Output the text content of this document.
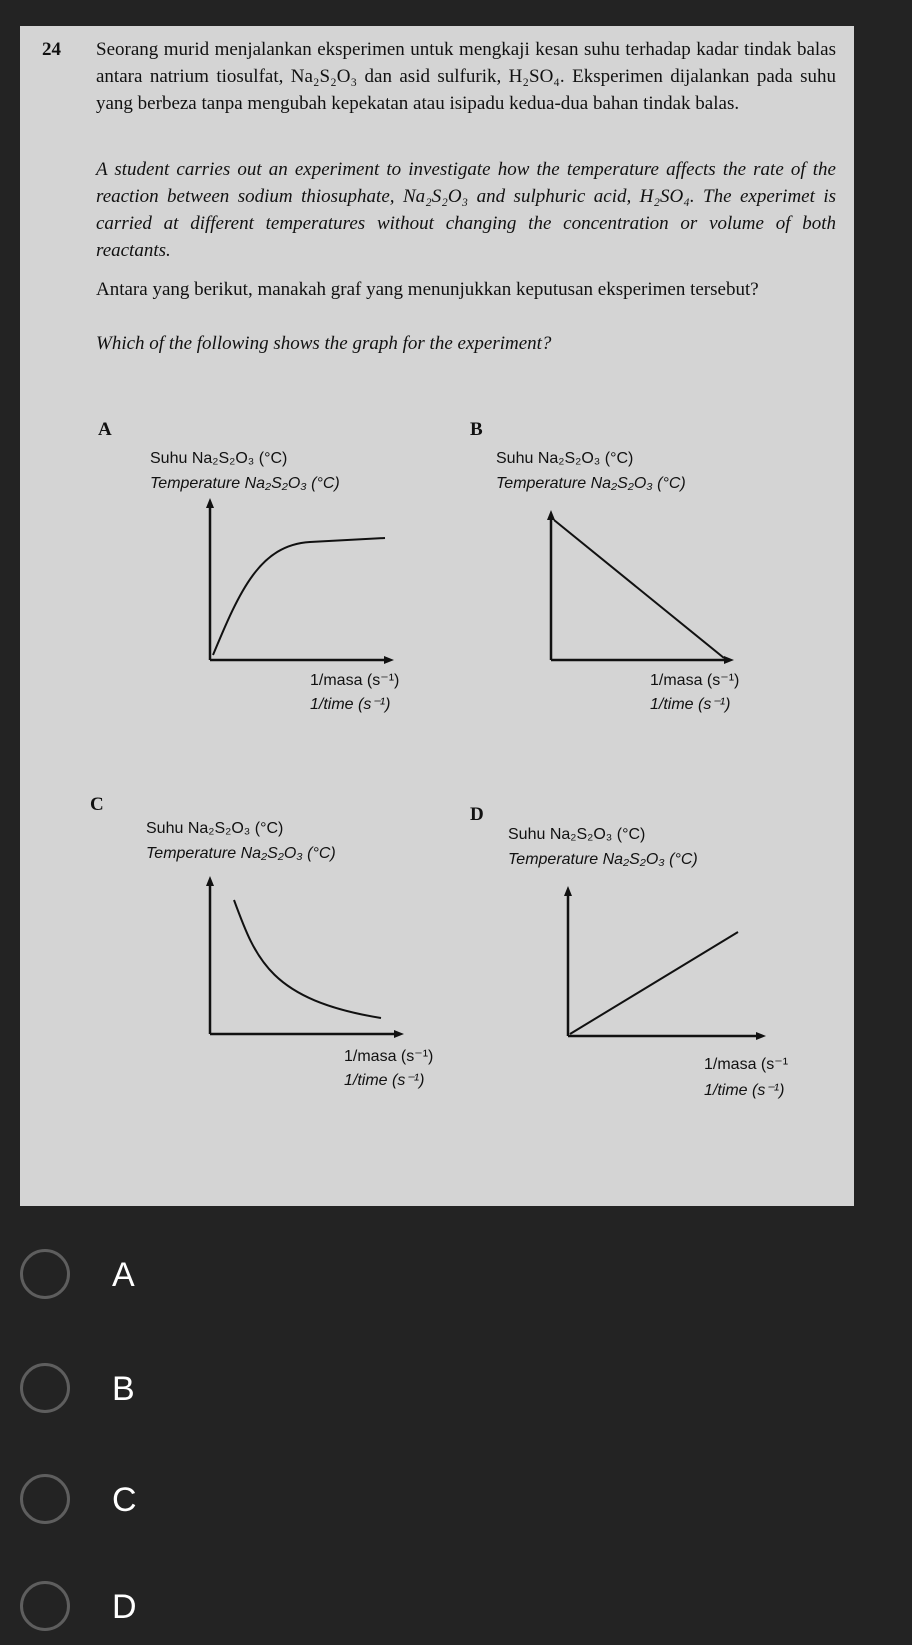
24 Seorang murid menjalankan eksperimen untuk mengkaji kesan suhu terhadap kadar tindak balas antara natrium tiosulfat, Na₂S₂O₃ dan asid sulfurik, H₂SO₄. Eksperimen dijalankan pada suhu yang berbeza tanpa mengubah kepekatan atau isipadu kedua-dua bahan tindak balas.

A student carries out an experiment to investigate how the temperature affects the rate of the reaction between sodium thiosuphate, Na₂S₂O₃ and sulphuric acid, H₂SO₄. The experimet is carried at different temperatures without changing the concentration or volume of both reactants.

Antara yang berikut, manakah graf yang menunjukkan keputusan eksperimen tersebut?

Which of the following shows the graph for the experiment?

A	B
C	D
Suhu Na₂S₂O₃ (°C)
Temperature Na₂S₂O₃ (°C)
1/masa (s⁻¹)
1/time (s⁻¹)
Suhu Na₂S₂O₃ (°C)
Temperature Na₂S₂O₃ (°C)
1/masa (s⁻¹)
1/time (s⁻¹)
Suhu Na₂S₂O₃ (°C)
Temperature Na₂S₂O₃ (°C)
1/masa (s⁻¹)
1/time (s⁻¹)
Suhu Na₂S₂O₃ (°C)
Temperature Na₂S₂O₃ (°C)
1/masa (s⁻¹
1/time (s⁻¹)
A
B
C
D
